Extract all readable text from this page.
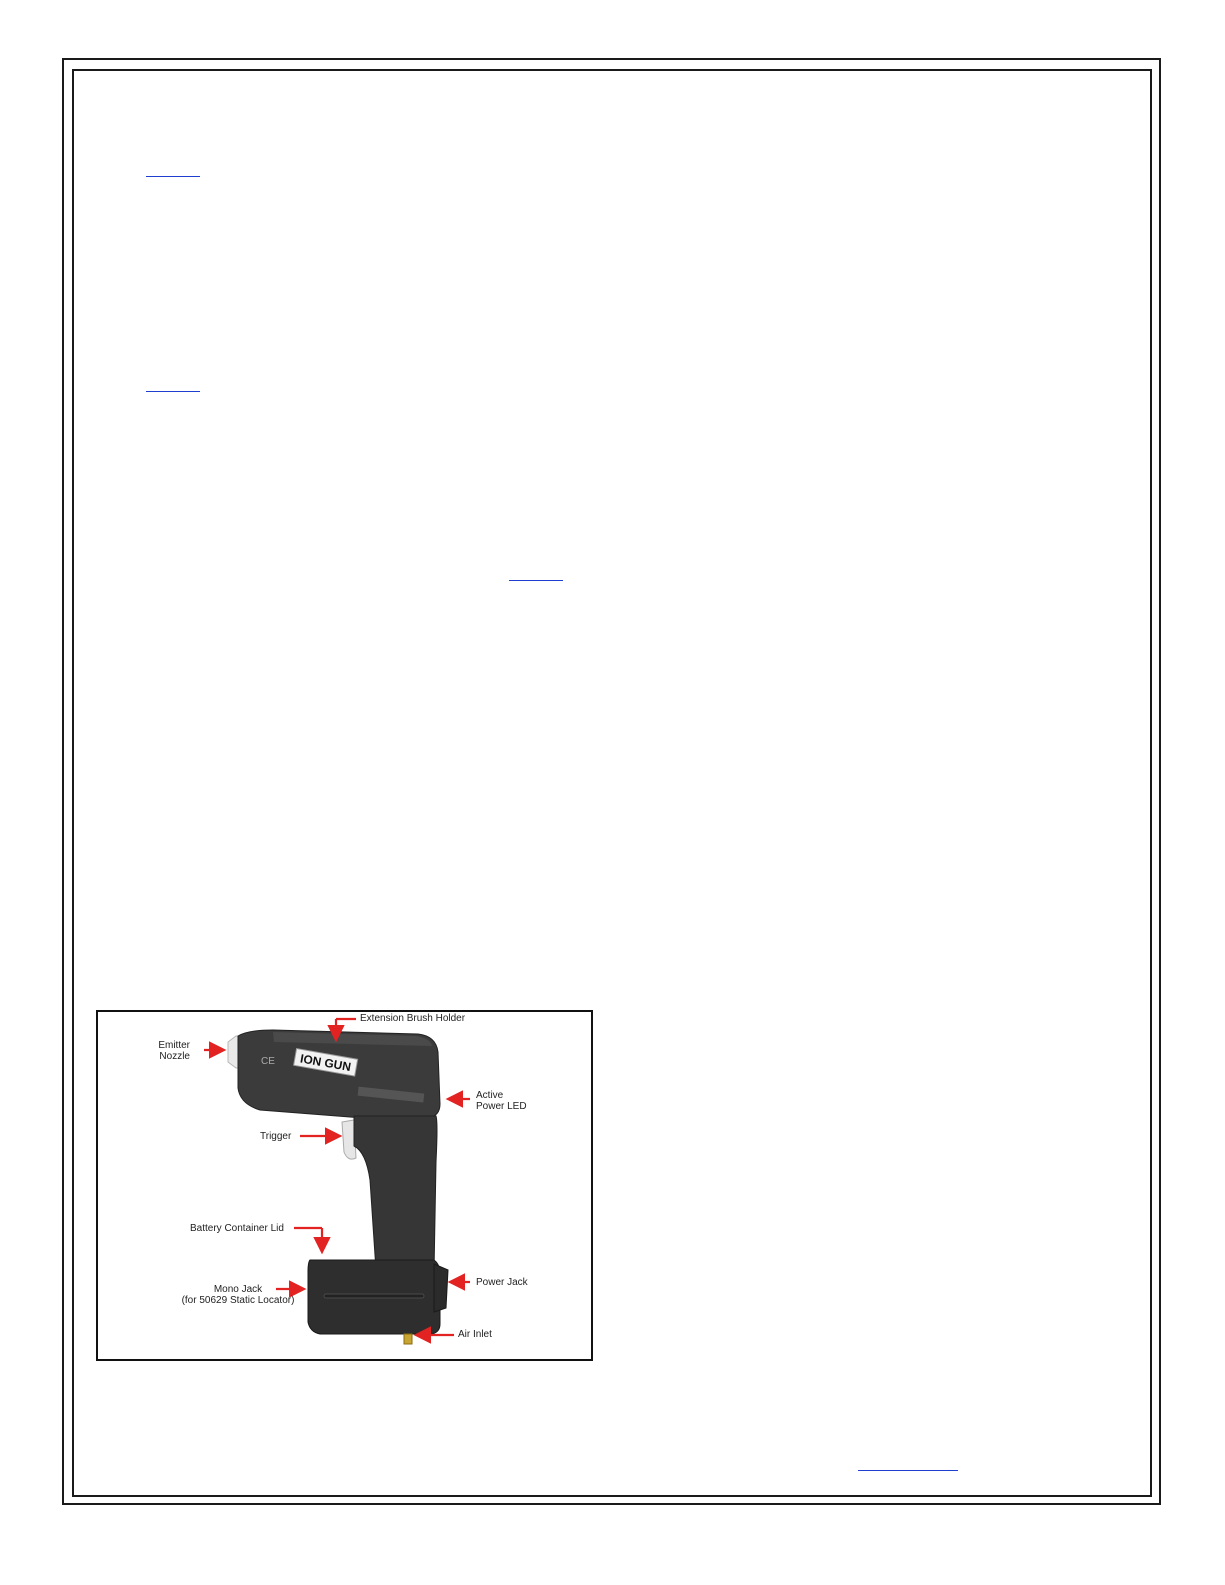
CE ION GUN
Extension Brush Holder
Emitter
Nozzle
Active
Power LED
Trigger
Battery Container Lid
Power Jack
Mono Jack
(for 50629 Static Locator)
Air Inlet
